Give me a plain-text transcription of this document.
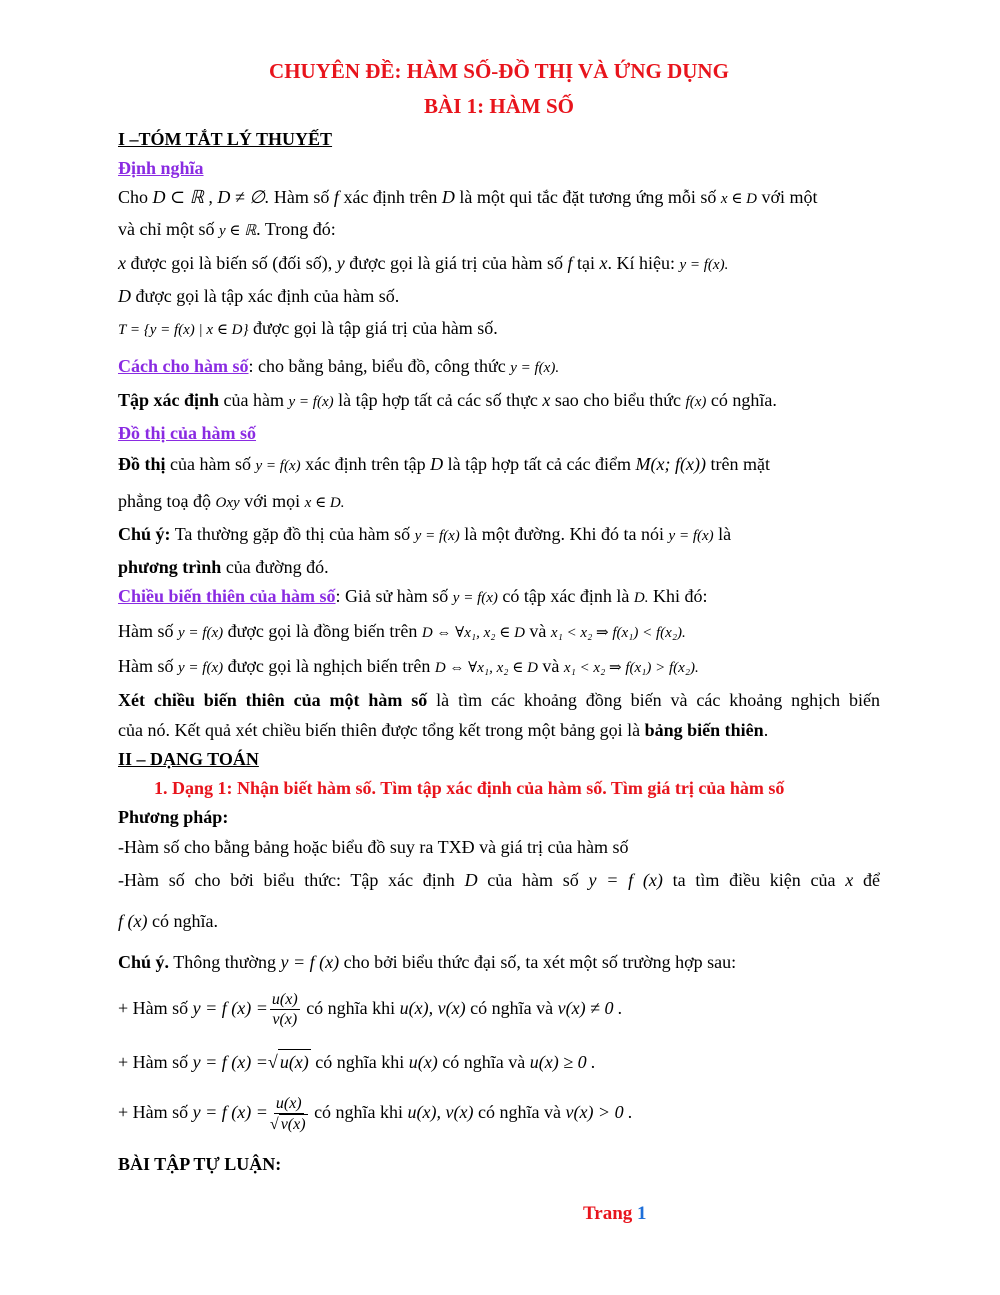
CHUYÊN ĐỀ: HÀM SỐ-ĐỒ THỊ VÀ ỨNG DỤNG
BÀI 1: HÀM SỐ
I –TÓM TẮT LÝ THUYẾT
Định nghĩa
Cho D ⊂ ℝ , D ≠ ∅. Hàm số f xác định trên D là một qui tắc đặt tương ứng mỗi số x ∈ D với một
và chỉ một số y ∈ ℝ. Trong đó:
x được gọi là biến số (đối số), y được gọi là giá trị của hàm số f tại x. Kí hiệu: y = f(x).
D được gọi là tập xác định của hàm số.
T = {y = f(x) | x ∈ D} được gọi là tập giá trị của hàm số.
Cách cho hàm số: cho bằng bảng, biểu đồ, công thức y = f(x).
Tập xác định của hàm y = f(x) là tập hợp tất cả các số thực x sao cho biểu thức f(x) có nghĩa.
Đồ thị của hàm số
Đồ thị của hàm số y = f(x) xác định trên tập D là tập hợp tất cả các điểm M(x; f(x)) trên mặt
phẳng toạ độ Oxy với mọi x ∈ D.
Chú ý: Ta thường gặp đồ thị của hàm số y = f(x) là một đường. Khi đó ta nói y = f(x) là
phương trình của đường đó.
Chiều biến thiên của hàm số: Giả sử hàm số y = f(x) có tập xác định là D. Khi đó:
Hàm số y = f(x) được gọi là đồng biến trên D ⇔ ∀x₁, x₂ ∈ D và x₁ < x₂ ⇒ f(x₁) < f(x₂).
Hàm số y = f(x) được gọi là nghịch biến trên D ⇔ ∀x₁, x₂ ∈ D và x₁ < x₂ ⇒ f(x₁) > f(x₂).
Xét chiều biến thiên của một hàm số là tìm các khoảng đồng biến và các khoảng nghịch biến
của nó. Kết quả xét chiều biến thiên được tổng kết trong một bảng gọi là bảng biến thiên.
II – DẠNG TOÁN
1. Dạng 1: Nhận biết hàm số. Tìm tập xác định của hàm số. Tìm giá trị của hàm số
Phương pháp:
-Hàm số cho bằng bảng hoặc biểu đồ suy ra TXĐ và giá trị của hàm số
-Hàm số cho bởi biểu thức: Tập xác định D của hàm số y = f (x) ta tìm điều kiện của x để
f (x) có nghĩa.
Chú ý. Thông thường y = f (x) cho bởi biểu thức đại số, ta xét một số trường hợp sau:
+ Hàm số y = f $(x) = \frac{u(x)}{v(x)}$ có nghĩa khi u(x), v(x) có nghĩa và v(x) ≠ 0 .
+ Hàm số y = f (x) =√ u(x) có nghĩa khi u(x) có nghĩa và u(x) ≥ 0 .
+ Hàm số y = f $(x) = \frac{u(x)}{√ v(x)}$ có nghĩa khi u(x), v(x) có nghĩa và v(x) > 0 .
BÀI TẬP TỰ LUẬN:
Trang 1
